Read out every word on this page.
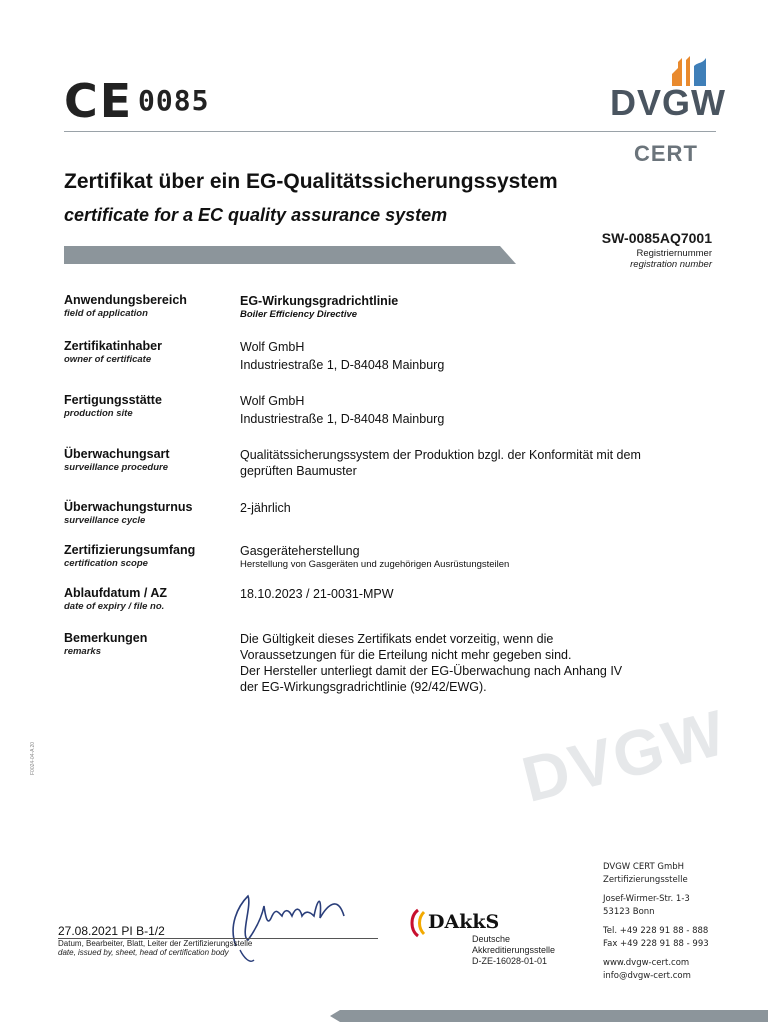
CE 0085	DVGW
CERT
Zertifikat über ein EG-Qualitätssicherungssystem
certificate for a EC quality assurance system
SW-0085AQ7001
Registriernummer
registration number
Anwendungsbereich
field of application
EG-Wirkungsgradrichtlinie
Boiler Efficiency Directive
Zertifikatinhaber
owner of certificate
Wolf GmbH
Industriestraße 1, D-84048 Mainburg
Fertigungsstätte
production site
Wolf GmbH
Industriestraße 1, D-84048 Mainburg
Überwachungsart
surveillance procedure
Qualitätssicherungssystem der Produktion bzgl. der Konformität mit dem
geprüften Baumuster
Überwachungsturnus
surveillance cycle
2-jährlich
Zertifizierungsumfang
certification scope
Gasgeräteherstellung
Herstellung von Gasgeräten und zugehörigen Ausrüstungsteilen
Ablaufdatum / AZ
date of expiry / file no.
18.10.2023 / 21-0031-MPW
Bemerkungen
remarks
Die Gültigkeit dieses Zertifikats endet vorzeitig, wenn die
Voraussetzungen für die Erteilung nicht mehr gegeben sind.
Der Hersteller unterliegt damit der EG-Überwachung nach Anhang IV
der EG-Wirkungsgradrichtlinie (92/42/EWG).
DVGW
F0024-04-A 20
27.08.2021 PI B-1/2
Datum, Bearbeiter, Blatt, Leiter der Zertifizierungsstelle
date, issued by, sheet, head of certification body
DAkkS
Deutsche
Akkreditierungsstelle
D-ZE-16028-01-01
DVGW CERT GmbH
Zertifizierungsstelle
Josef-Wirmer-Str. 1-3
53123 Bonn
Tel. +49 228 91 88 - 888
Fax +49 228 91 88 - 993
www.dvgw-cert.com
info@dvgw-cert.com
